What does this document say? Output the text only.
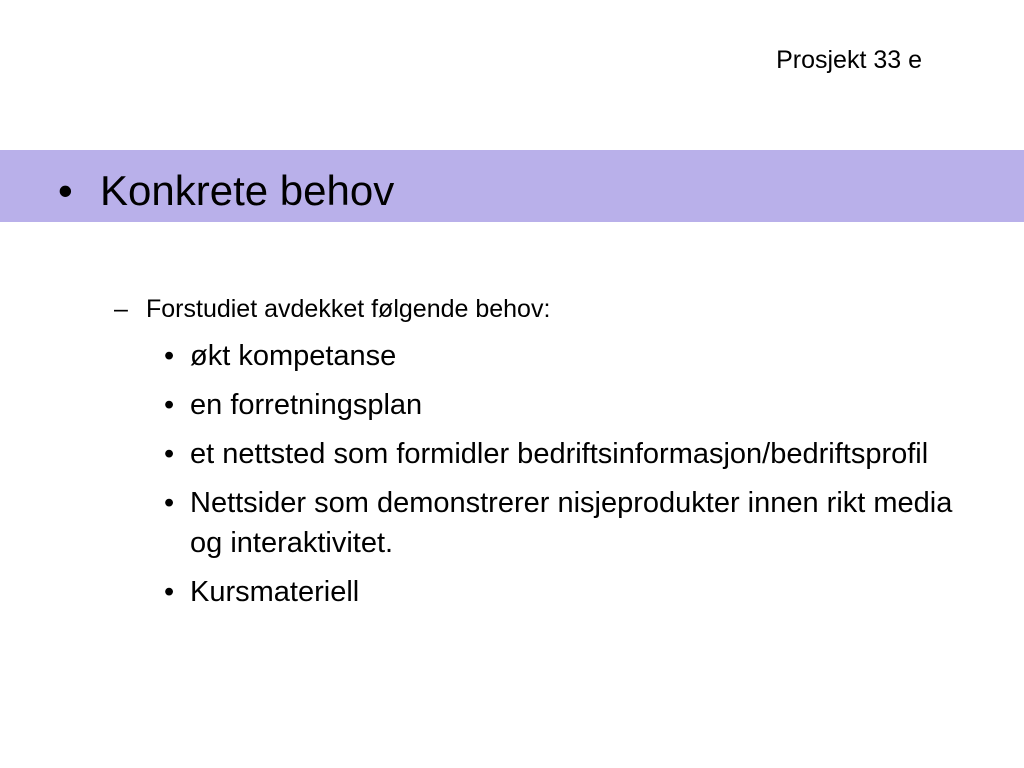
Prosjekt 33 e
• Konkrete behov
– Forstudiet avdekket følgende behov:
• økt kompetanse
• en forretningsplan
• et nettsted som formidler bedriftsinformasjon/bedriftsprofil
• Nettsider som demonstrerer nisjeprodukter innen rikt media og interaktivitet.
• Kursmateriell
